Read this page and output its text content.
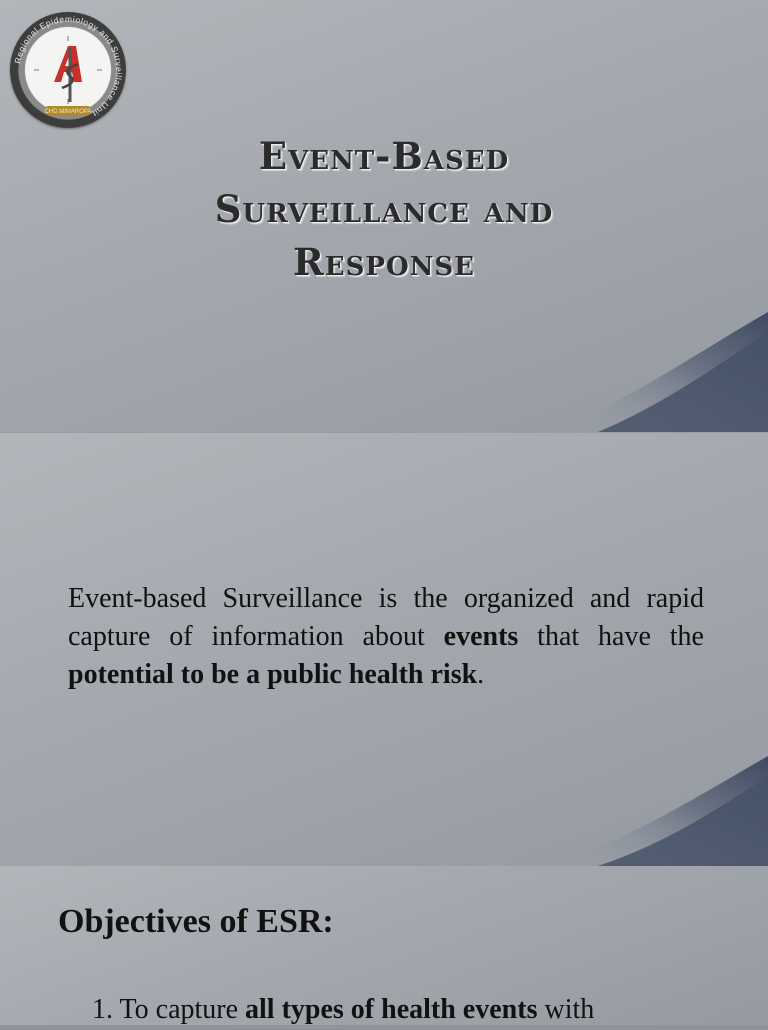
Regional Epidemiology and Surveillance Unit
CHD MIMAROPA
Event-Based
Surveillance and
Response
Event-based Surveillance is the organized and rapid capture of information about events that have the potential to be a public health risk.
Objectives of ESR:
1. To capture all types of health events with
